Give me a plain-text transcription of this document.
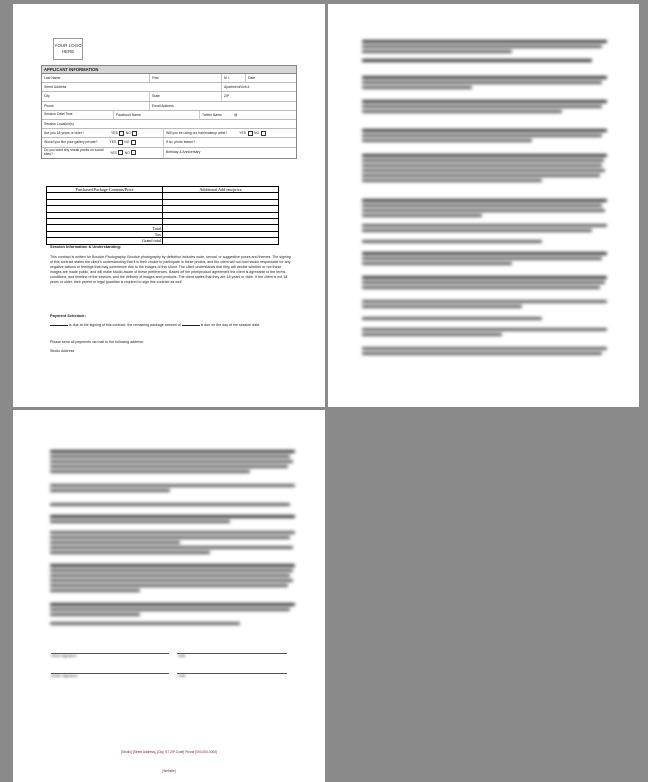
YOUR LOGO
HERE
APPLICANT INFORMATION
Last Name	First	M.I.	Date
Street Address	Apartment/Unit #
City	State	ZIP
Phone	Email Address
Session Date/Time	Facebook Name	Twitter Name	@
Session Location(s)
Are you 18 years or older?	YES NO	Will you be using our hair/makeup artist?	YES NO
Would you like your gallery private?	YES NO	If so, photo teaser?
Do you want any sneak peeks on social sites?	YES NO	Birthday & Anniversary
Purchased Package Contents/Price	Additional Add ons/price

Total	
Tax	
Grand total	
Session Information & Understanding:
This contract is written for Boudoir Photography. Boudoir photography by definition includes nude, sexual, or suggestive poses and themes. The signing of this contract states the client's understanding that it is their choice to participate in these photos, and the client will not hold studio responsible for any negative actions or feelings that may commence due to the images of this shoot. The client understands that they will decide whether or not these images are made public, and will make studio aware of these preferences. Based off the print/product agreement the client is agreeable to the terms, conditions, and timeline of the session, and the delivery of images and products. The client states that they are 18 years or older. If the client is not 18 years or older, their parent or legal guardian is required to sign this contract as well.
Payment Schedule:
is due at the signing of this contract, the remaining package amount of	is due on the day of the session date.
Please send all payments via mail to the following address:
Studio Address
Client Signature	Date
Studio Signature	Date
[Studio] [Street Address], [City, ST ZIP Code] Phone [000-000-0000]
[Website]
